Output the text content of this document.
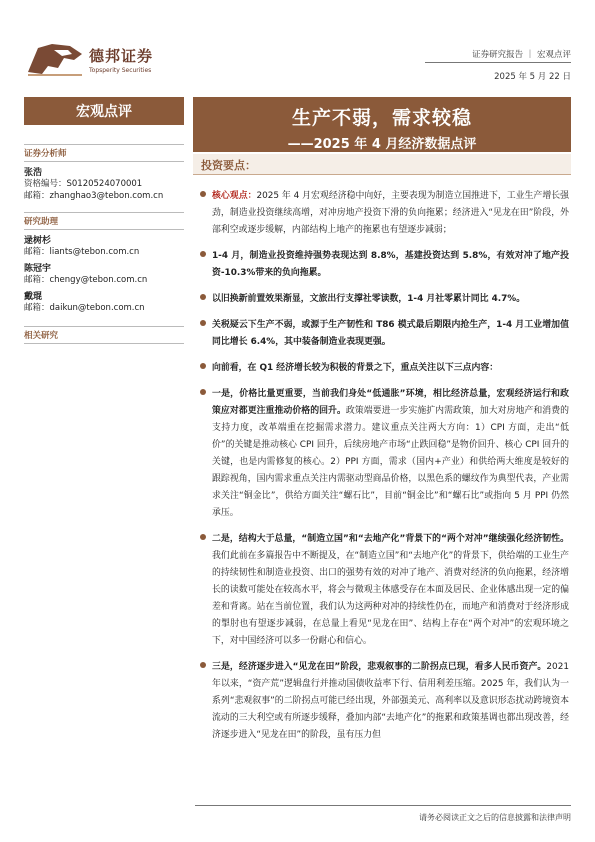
德邦证券
Topsperity Securities
证券研究报告 ｜ 宏观点评
2025 年 5 月 22 日
宏观点评	生产不弱，需求较稳
——2025 年 4 月经济数据点评
证券分析师
张浩
资格编号：S0120524070001
邮箱：zhanghao3@tebon.com.cn
研究助理
逯树杉
邮箱：liants@tebon.com.cn
陈冠宇
邮箱：chengy@tebon.com.cn
戴琨
邮箱：daikun@tebon.com.cn
相关研究
投资要点：
核心观点：2025 年 4 月宏观经济稳中向好，主要表现为制造立国推进下，工业生产增长强劲，制造业投资继续高增，对冲房地产投资下滑的负向拖累；经济进入“见龙在田”阶段，外部利空或逐步缓解，内部结构上地产的拖累也有望逐步减弱；
1-4 月，制造业投资维持强势表现达到 8.8%，基建投资达到 5.8%，有效对冲了地产投资-10.3%带来的负向拖累。
以旧换新前置效果渐显，文旅出行支撑社零读数，1-4 月社零累计同比 4.7%。
关税疑云下生产不弱，或源于生产韧性和 T86 模式最后期限内抢生产，1-4 月工业增加值同比增长 6.4%，其中装备制造业表现更强。
向前看，在 Q1 经济增长较为积极的背景之下，重点关注以下三点内容：
一是，价格比量更重要，当前我们身处“低通胀”环境，相比经济总量，宏观经济运行和政策应对都更注重推动价格的回升。政策端要进一步实施扩内需政策，加大对房地产和消费的支持力度，改革端重在挖掘需求潜力。建议重点关注两大方向：1）CPI 方面，走出“低价”的关键是推动核心 CPI 回升，后续房地产市场“止跌回稳”是物价回升、核心 CPI 回升的关键，也是内需修复的核心。2）PPI 方面，需求（国内+产业）和供给两大维度是较好的跟踪视角，国内需求重点关注内需驱动型商品价格，以黑色系的螺纹作为典型代表，产业需求关注“铜金比”，供给方面关注“螺石比”，目前“铜金比”和“螺石比”或指向 5 月 PPI 仍然承压。
二是，结构大于总量，“制造立国”和“去地产化”背景下的“两个对冲”继续强化经济韧性。我们此前在多篇报告中不断提及，在“制造立国”和“去地产化”的背景下，供给端的工业生产的持续韧性和制造业投资、出口的强势有效的对冲了地产、消费对经济的负向拖累，经济增长的读数可能处在较高水平，将会与微观主体感受存在本面及居民、企业体感出现一定的偏差和背离。站在当前位置，我们认为这两种对冲的持续性仍在，而地产和消费对于经济形成的掣肘也有望逐步减弱，在总量上看见“见龙在田”、结构上存在“两个对冲”的宏观环境之下，对中国经济可以多一份耐心和信心。
三是，经济逐步进入“见龙在田”阶段，悲观叙事的二阶拐点已现，看多人民币资产。2021 年以来，“资产荒”逻辑盘行并推动国债收益率下行、信用利差压缩。2025 年，我们认为一系列“悲观叙事”的二阶拐点可能已经出现，外部强美元、高利率以及意识形态扰动跨境资本流动的三大利空或有所逐步缓释，叠加内部“去地产化”的拖累和政策基调也都出现改善，经济逐步进入“见龙在田”的阶段，虽有压力但
请务必阅读正文之后的信息披露和法律声明
